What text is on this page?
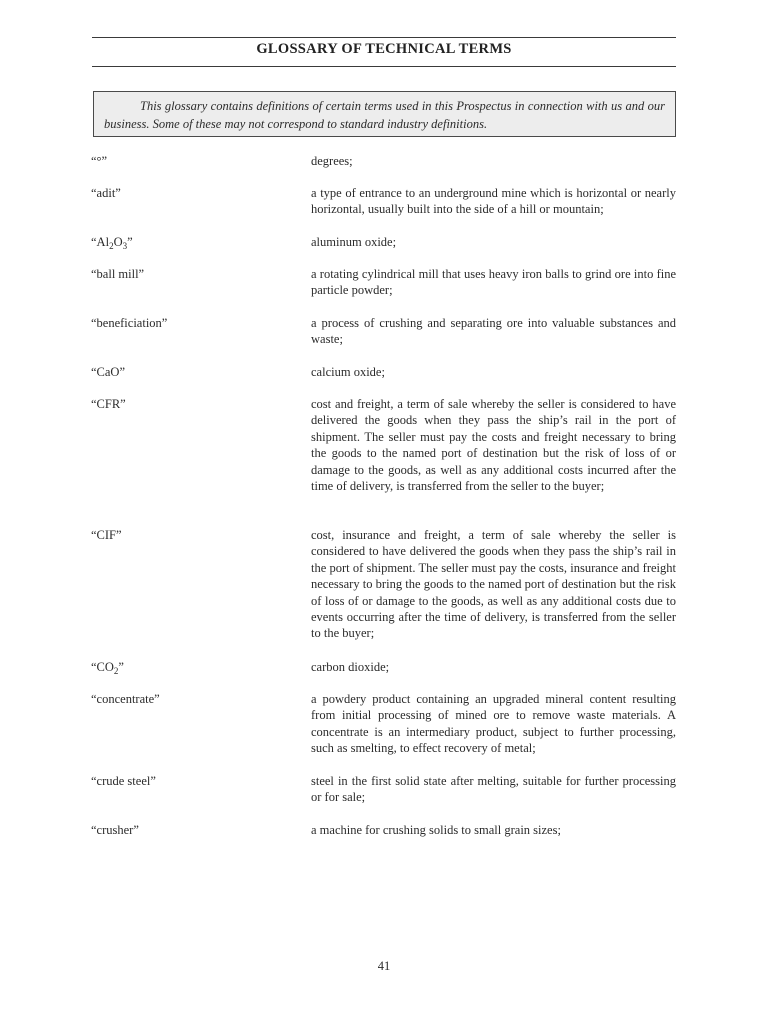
GLOSSARY OF TECHNICAL TERMS
This glossary contains definitions of certain terms used in this Prospectus in connection with us and our business. Some of these may not correspond to standard industry definitions.
“°”	degrees;
“adit”	a type of entrance to an underground mine which is horizontal or nearly horizontal, usually built into the side of a hill or mountain;
“$Al_2O_3$”	aluminum oxide;
“ball mill”	a rotating cylindrical mill that uses heavy iron balls to grind ore into fine particle powder;
“beneficiation”	a process of crushing and separating ore into valuable substances and waste;
“CaO”	calcium oxide;
“CFR”	cost and freight, a term of sale whereby the seller is considered to have delivered the goods when they pass the ship’s rail in the port of shipment. The seller must pay the costs and freight necessary to bring the goods to the named port of destination but the risk of loss of or damage to the goods, as well as any additional costs incurred after the time of delivery, is transferred from the seller to the buyer;
“CIF”	cost, insurance and freight, a term of sale whereby the seller is considered to have delivered the goods when they pass the ship’s rail in the port of shipment. The seller must pay the costs, insurance and freight necessary to bring the goods to the named port of destination but the risk of loss of or damage to the goods, as well as any additional costs due to events occurring after the time of delivery, is transferred from the seller to the buyer;
“$CO_2$”	carbon dioxide;
“concentrate”	a powdery product containing an upgraded mineral content resulting from initial processing of mined ore to remove waste materials. A concentrate is an intermediary product, subject to further processing, such as smelting, to effect recovery of metal;
“crude steel”	steel in the first solid state after melting, suitable for further processing or for sale;
“crusher”	a machine for crushing solids to small grain sizes;
41
